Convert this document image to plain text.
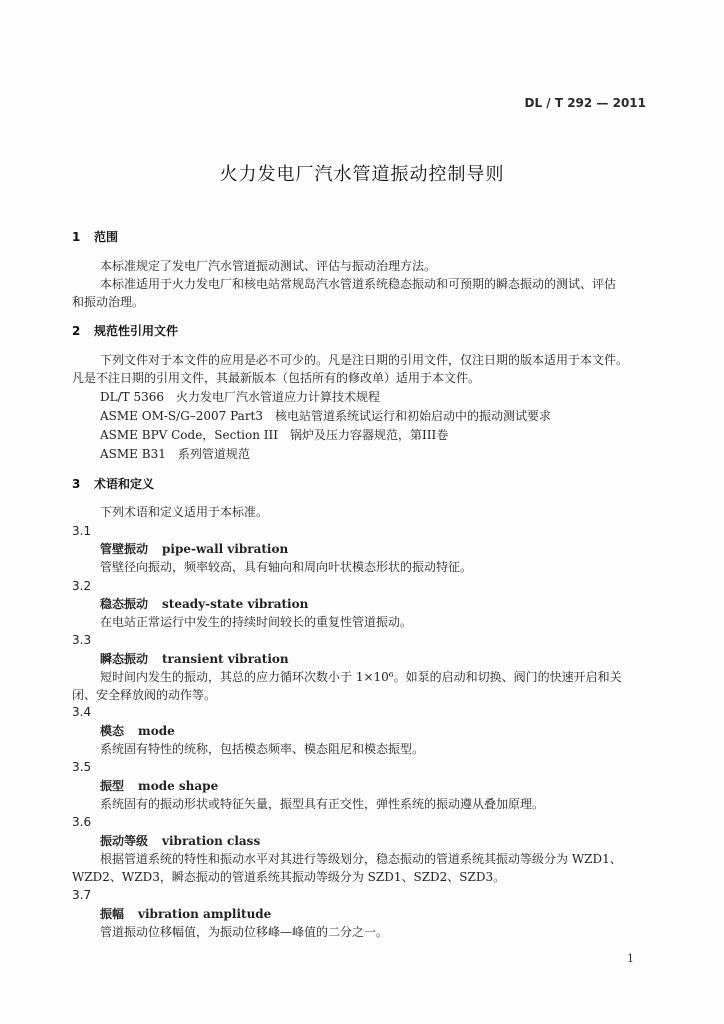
DL / T 292 — 2011
火力发电厂汽水管道振动控制导则
1 范围
本标准规定了发电厂汽水管道振动测试、评估与振动治理方法。
本标准适用于火力发电厂和核电站常规岛汽水管道系统稳态振动和可预期的瞬态振动的测试、评估
和振动治理。
2 规范性引用文件
下列文件对于本文件的应用是必不可少的。凡是注日期的引用文件，仅注日期的版本适用于本文件。
凡是不注日期的引用文件，其最新版本（包括所有的修改单）适用于本文件。
DL/T 5366　火力发电厂汽水管道应力计算技术规程
ASME OM-S/G–2007 Part3　核电站管道系统试运行和初始启动中的振动测试要求
ASME BPV Code，Section III　锅炉及压力容器规范，第III卷
ASME B31　系列管道规范
3 术语和定义
下列术语和定义适用于本标准。
3.1
管壁振动 pipe-wall vibration
管壁径向振动，频率较高，具有轴向和周向叶状模态形状的振动特征。
3.2
稳态振动 steady-state vibration
在电站正常运行中发生的持续时间较长的重复性管道振动。
3.3
瞬态振动 transient vibration
短时间内发生的振动，其总的应力循环次数小于 1×10⁶。如泵的启动和切换、阀门的快速开启和关
闭、安全释放阀的动作等。
3.4
模态 mode
系统固有特性的统称，包括模态频率、模态阻尼和模态振型。
3.5
振型 mode shape
系统固有的振动形状或特征矢量，振型具有正交性，弹性系统的振动遵从叠加原理。
3.6
振动等级 vibration class
根据管道系统的特性和振动水平对其进行等级划分，稳态振动的管道系统其振动等级分为 WZD1、
WZD2、WZD3，瞬态振动的管道系统其振动等级分为 SZD1、SZD2、SZD3。
3.7
振幅 vibration amplitude
管道振动位移幅值，为振动位移峰—峰值的二分之一。
1
